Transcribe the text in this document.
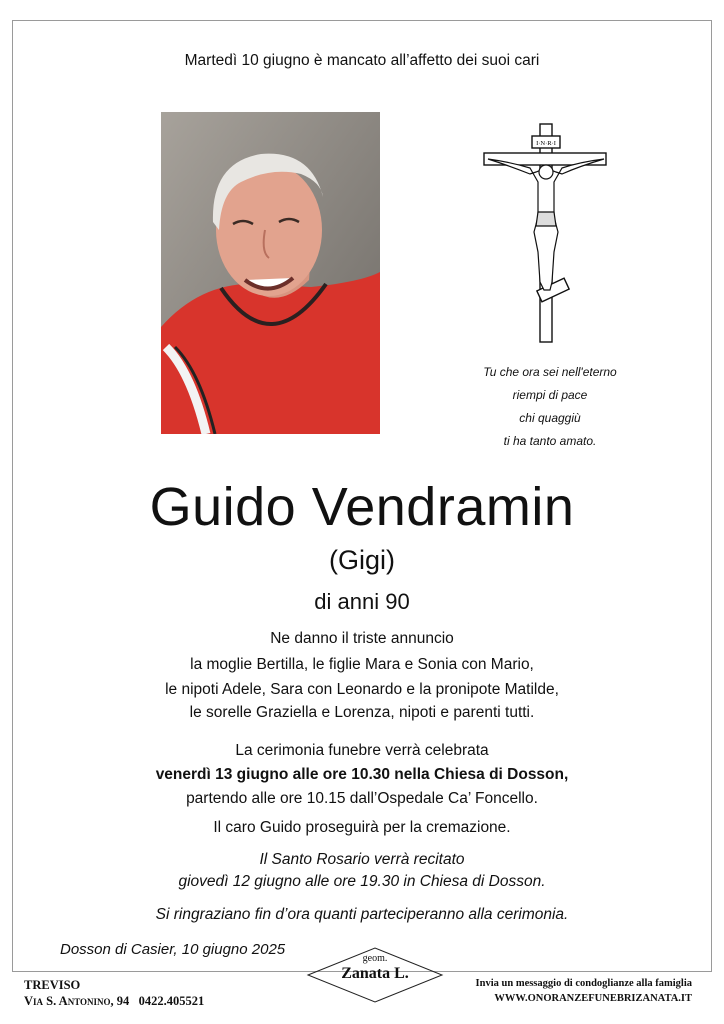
Martedì 10 giugno è mancato all’affetto dei suoi cari
I·N·R·I
Tu che ora sei nell'eterno
riempi di pace
chi quaggiù
ti ha tanto amato.
Guido Vendramin
(Gigi)
di anni 90
Ne danno il triste annuncio
la moglie Bertilla, le figlie Mara e Sonia con Mario,
le nipoti Adele, Sara con Leonardo e la pronipote Matilde,
le sorelle Graziella e Lorenza, nipoti e parenti tutti.
La cerimonia funebre verrà celebrata
venerdì 13 giugno alle ore 10.30 nella Chiesa di Dosson,
partendo alle ore 10.15 dall’Ospedale Ca’ Foncello.
Il caro Guido proseguirà per la cremazione.
Il Santo Rosario verrà recitato
giovedì 12 giugno alle ore 19.30 in Chiesa di Dosson.
Si ringraziano fin d’ora quanti parteciperanno alla cerimonia.
Dosson di Casier, 10 giugno 2025
TREVISO
Via S. Antonino, 94 0422.405521
geom.
Zanata L.
Invia un messaggio di condoglianze alla famiglia
WWW.ONORANZEFUNEBRIZANATA.IT
